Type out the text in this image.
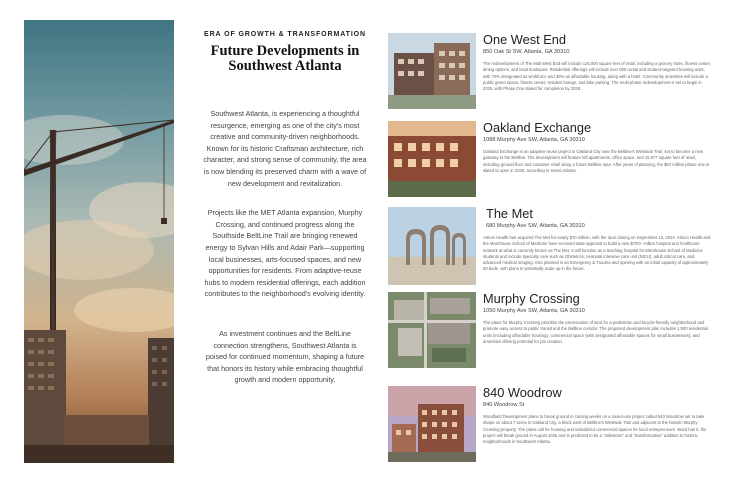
ERA OF GROWTH & TRANSFORMATION
Future Developments in Southwest Atlanta

Southwest Atlanta, is experiencing a thoughtful resurgence, emerging as one of the city's most creative and community-driven neighborhoods. Known for its historic Craftsman architecture, rich character, and strong sense of community, the area is now blending its preserved charm with a wave of new development and revitalization.

Projects like the MET Atlanta expansion, Murphy Crossing, and continued progress along the Southside BeltLine Trail are bringing renewed energy to Sylvan Hills and Adair Park—supporting local businesses, arts-focused spaces, and new opportunities for residents. From adaptive-reuse hubs to modern residential offerings, each addition contributes to the neighborhood's evolving identity.

As investment continues and the BeltLine connection strengthens, Southwest Atlanta is poised for continued momentum, shaping a future that honors its history while embracing thoughtful growth and modern opportunity.

One West End
850 Oak St SW, Atlanta, GA 30310

The redevelopment of The Mall West End will include 125,000 square feet of retail, including a grocery store, fitness center, dining options, and local boutiques. Residential offerings will include over 600 rental and student-targeted housing units, with 70% designated as workforce and 30% as affordable housing, along with a hotel. Community amenities will include a public green space, fitness center, resident lounge, and bike parking. The multi-phase redevelopment is set to begin in 2025, with Phase One slated for completion by 2028.

Oakland Exchange
1088 Murphy Ave SW, Atlanta, GA 30310

Oakland Exchange is an adaptive reuse project in Oakland City near the Beltline's Westside Trail, set to become a new gateway to the Beltline. The development will feature loft apartments, office space, and 15,977 square feet of retail, including ground-floor and container retail along a future Beltline spur. After years of planning, the $53 million phase one is slated to open in 2026, according to Invest Atlanta.

The Met
680 Murphy Ave SW, Atlanta, GA 30310

Atrium Health has acquired The Met for nearly $70 million, with the deal closing on September 12, 2024. Atrium Health and the Morehouse School of Medicine have received state approval to build a new $700+ million hospital and healthcare network at what is currently known as The Met. It will function as a teaching hospital for Morehouse School of Medicine students and include specialty care such as Obstetrics, neonatal intensive care unit (NICU), adult critical care, and advanced medical imaging. Also planned is an Emergency & Trauma and opening with an initial capacity of approximately 50 beds, with plans to potentially scale up in the future.

Murphy Crossing
1050 Murphy Ave SW, Atlanta, GA 30310

The plans for Murphy Crossing prioritize the preservation of land for a pedestrian and bicycle-friendly neighborhood and promote easy access to public transit and the Beltline corridor. The proposed development plan includes 1,500 residential units (including affordable housing), commercial space (with designated affordable spaces for small businesses), and amenities offering potential for job creation.

840 Woodrow
840 Woodrow St

Woodfield Development plans to break ground in coming weeks on a mixed-use project called 840 Woodrow set to take shape on about 7 acres in Oakland City, a block west of Beltline's Westside Trail and adjacent to the historic Murphy Crossing property. The plans call for housing and subsidized commercial spaces for local entrepreneurs. Word has it, the project will break ground in August 2025 and is predicted to be a "milestone" and "transformative" addition to historic neighborhoods in Southwest Atlanta.
